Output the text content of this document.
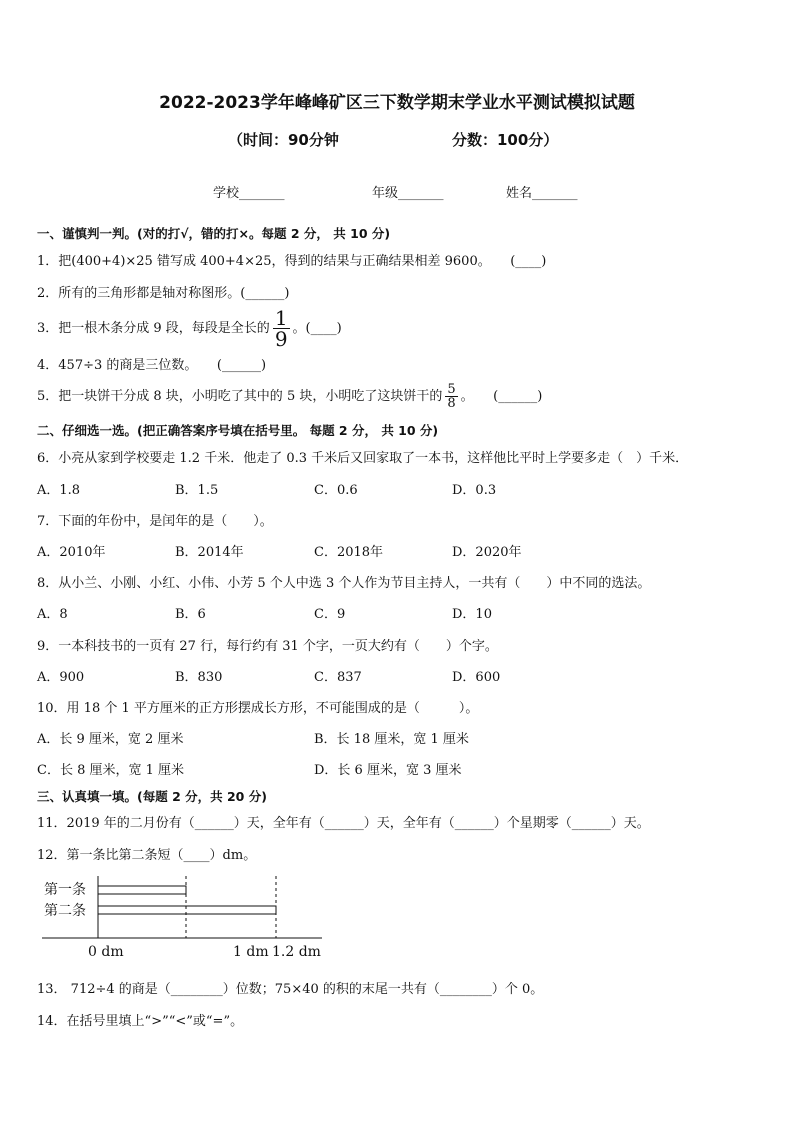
2022-2023学年峰峰矿区三下数学期末学业水平测试模拟试题
（时间：90分钟	分数：100分）
学校_______	年级_______	姓名_______
一、谨慎判一判。(对的打√，错的打×。每题 2 分， 共 10 分)
1．把(400+4)×25 错写成 400+4×25，得到的结果与正确结果相差 9600。　　(____)
2．所有的三角形都是轴对称图形。(______)
3．把一根木条分成 9 段，每段是全长的 $\frac{1}{9}$ 。(____)
4．457÷3 的商是三位数。　　(______)
5．把一块饼干分成 8 块，小明吃了其中的 5 块，小明吃了这块饼干的 $\frac{5}{8}$ 。　　(______)
二、仔细选一选。(把正确答案序号填在括号里。 每题 2 分， 共 10 分)
6．小亮从家到学校要走 1.2 千米．他走了 0.3 千米后又回家取了一本书，这样他比平时上学要多走（　）千米．
A．1.8	B．1.5	C．0.6	D．0.3
7．下面的年份中，是闰年的是（　　）。
A．2010年	B．2014年	C．2018年	D．2020年
8．从小兰、小刚、小红、小伟、小芳 5 个人中选 3 个人作为节目主持人，一共有（　　）中不同的选法。
A．8	B．6	C．9	D．10
9．一本科技书的一页有 27 行，每行约有 31 个字，一页大约有（　　）个字。
A．900	B．830	C．837	D．600
10．用 18 个 1 平方厘米的正方形摆成长方形，不可能围成的是（　　　）。
A．长 9 厘米，宽 2 厘米	B．长 18 厘米，宽 1 厘米
C．长 8 厘米，宽 1 厘米	D．长 6 厘米，宽 3 厘米
三、认真填一填。(每题 2 分，共 20 分)
11．2019 年的二月份有（______）天，全年有（______）天，全年有（______）个星期零（______）天。
12．第一条比第二条短（____）dm。
第一条
第二条
0 dm	1 dm 1.2 dm
13． 712÷4 的商是（________）位数；75×40 的积的末尾一共有（________）个 0。
14．在括号里填上“>”“<”或“=”。
